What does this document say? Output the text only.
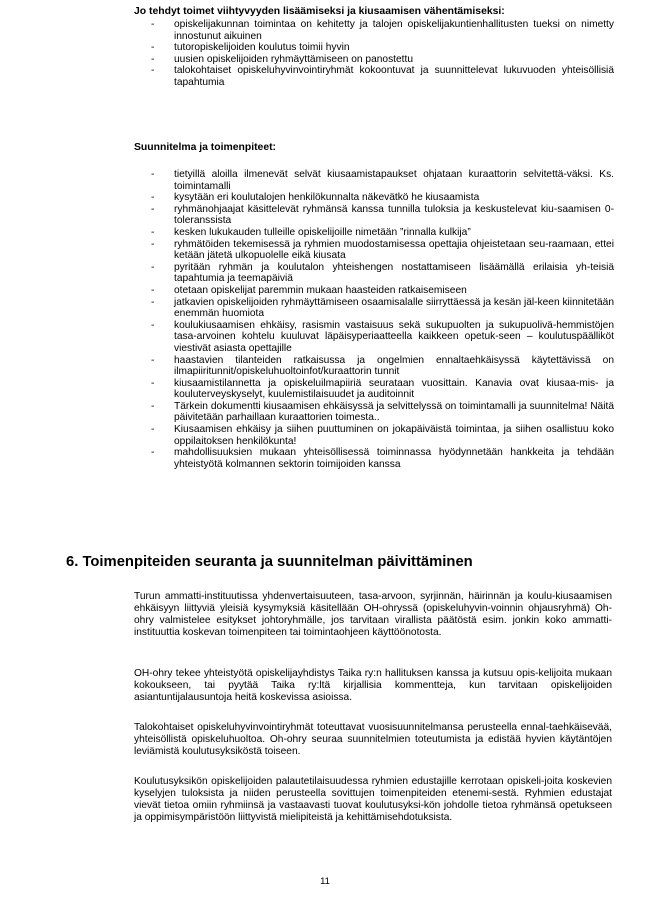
Jo tehdyt toimet viihtyvyyden lisäämiseksi ja kiusaamisen vähentämiseksi:

- opiskelijakunnan toimintaa on kehitetty ja talojen opiskelijakuntienhallitusten tueksi on nimetty innostunut aikuinen
- tutoropiskelijoiden koulutus toimii hyvin
- uusien opiskelijoiden ryhmäyttämiseen on panostettu
- talokohtaiset opiskeluhyvinvointiryhmät kokoontuvat ja suunnittelevat lukuvuoden yhteisöllisiä tapahtumia

Suunnitelma ja toimenpiteet:

- tietyillä aloilla ilmenevät selvät kiusaamistapaukset ohjataan kuraattorin selvitettä-väksi. Ks. toimintamalli
- kysytään eri koulutalojen henkilökunnalta näkevätkö he kiusaamista
- ryhmänohjaajat käsittelevät ryhmänsä kanssa tunnilla tuloksia ja keskustelevat kiu-saamisen 0-toleranssista
- kesken lukukauden tulleille opiskelijoille nimetään ”rinnalla kulkija”
- ryhmätöiden tekemisessä ja ryhmien muodostamisessa opettajia ohjeistetaan seu-raamaan, ettei ketään jätetä ulkopuolelle eikä kiusata
- pyritään ryhmän ja koulutalon yhteishengen nostattamiseen lisäämällä erilaisia yh-teisiä tapahtumia ja teemapäiviä
- otetaan opiskelijat paremmin mukaan haasteiden ratkaisemiseen
- jatkavien opiskelijoiden ryhmäyttämiseen osaamisalalle siirryttäessä ja kesän jäl-keen kiinnitetään enemmän huomiota
- koulukiusaamisen ehkäisy, rasismin vastaisuus sekä sukupuolten ja sukupuolivä-hemmistöjen tasa-arvoinen kohtelu kuuluvat läpäisyperiaatteella kaikkeen opetuk-seen – koulutuspäälliköt viestivät asiasta opettajille
- haastavien tilanteiden ratkaisussa ja ongelmien ennaltaehkäisyssä käytettävissä on ilmapiiritunnit/opiskeluhuoltoinfot/kuraattorin tunnit
- kiusaamistilannetta ja opiskeluilmapiiriä seurataan vuosittain. Kanavia ovat kiusaa-mis- ja kouluterveyskyselyt, kuulemistilaisuudet ja auditoinnit
- Tärkein dokumentti kiusaamisen ehkäisyssä ja selvittelyssä on toimintamalli ja suunnitelma! Näitä päivitetään parhaillaan kuraattorien toimesta..
- Kiusaamisen ehkäisy ja siihen puuttuminen on jokapäiväistä toimintaa, ja siihen osallistuu koko oppilaitoksen henkilökunta!
- mahdollisuuksien mukaan yhteisöllisessä toiminnassa hyödynnetään hankkeita ja tehdään yhteistyötä kolmannen sektorin toimijoiden kanssa
6. Toimenpiteiden seuranta ja suunnitelman päivittäminen

Turun ammatti-instituutissa yhdenvertaisuuteen, tasa-arvoon, syrjinnän, häirinnän ja koulu-kiusaamisen ehkäisyyn liittyviä yleisiä kysymyksiä käsitellään OH-ohryssä (opiskeluhyvin-voinnin ohjausryhmä) Oh-ohry valmistelee esitykset johtoryhmälle, jos tarvitaan virallista päätöstä esim. jonkin koko ammatti- instituuttia koskevan toimenpiteen tai toimintaohjeen käyttöönotosta.

OH-ohry tekee yhteistyötä opiskelijayhdistys Taika ry:n hallituksen kanssa ja kutsuu opis-kelijoita mukaan kokoukseen, tai pyytää Taika ry:ltä kirjallisia kommentteja, kun tarvitaan opiskelijoiden asiantuntijalausuntoja heitä koskevissa asioissa.

Talokohtaiset opiskeluhyvinvointiryhmät toteuttavat vuosisuunnitelmansa perusteella ennal-taehkäisevää, yhteisöllistä opiskeluhuoltoa. Oh-ohry seuraa suunnitelmien toteutumista ja edistää hyvien käytäntöjen leviämistä koulutusyksiköstä toiseen.

Koulutusyksikön opiskelijoiden palautetilaisuudessa ryhmien edustajille kerrotaan opiskeli-joita koskevien kyselyjen tuloksista ja niiden perusteella sovittujen toimenpiteiden etenemi-sestä. Ryhmien edustajat vievät tietoa omiin ryhmiinsä ja vastaavasti tuovat koulutusyksi-kön johdolle tietoa ryhmänsä opetukseen ja oppimisympäristöön liittyvistä mielipiteistä ja kehittämisehdotuksista.

11
